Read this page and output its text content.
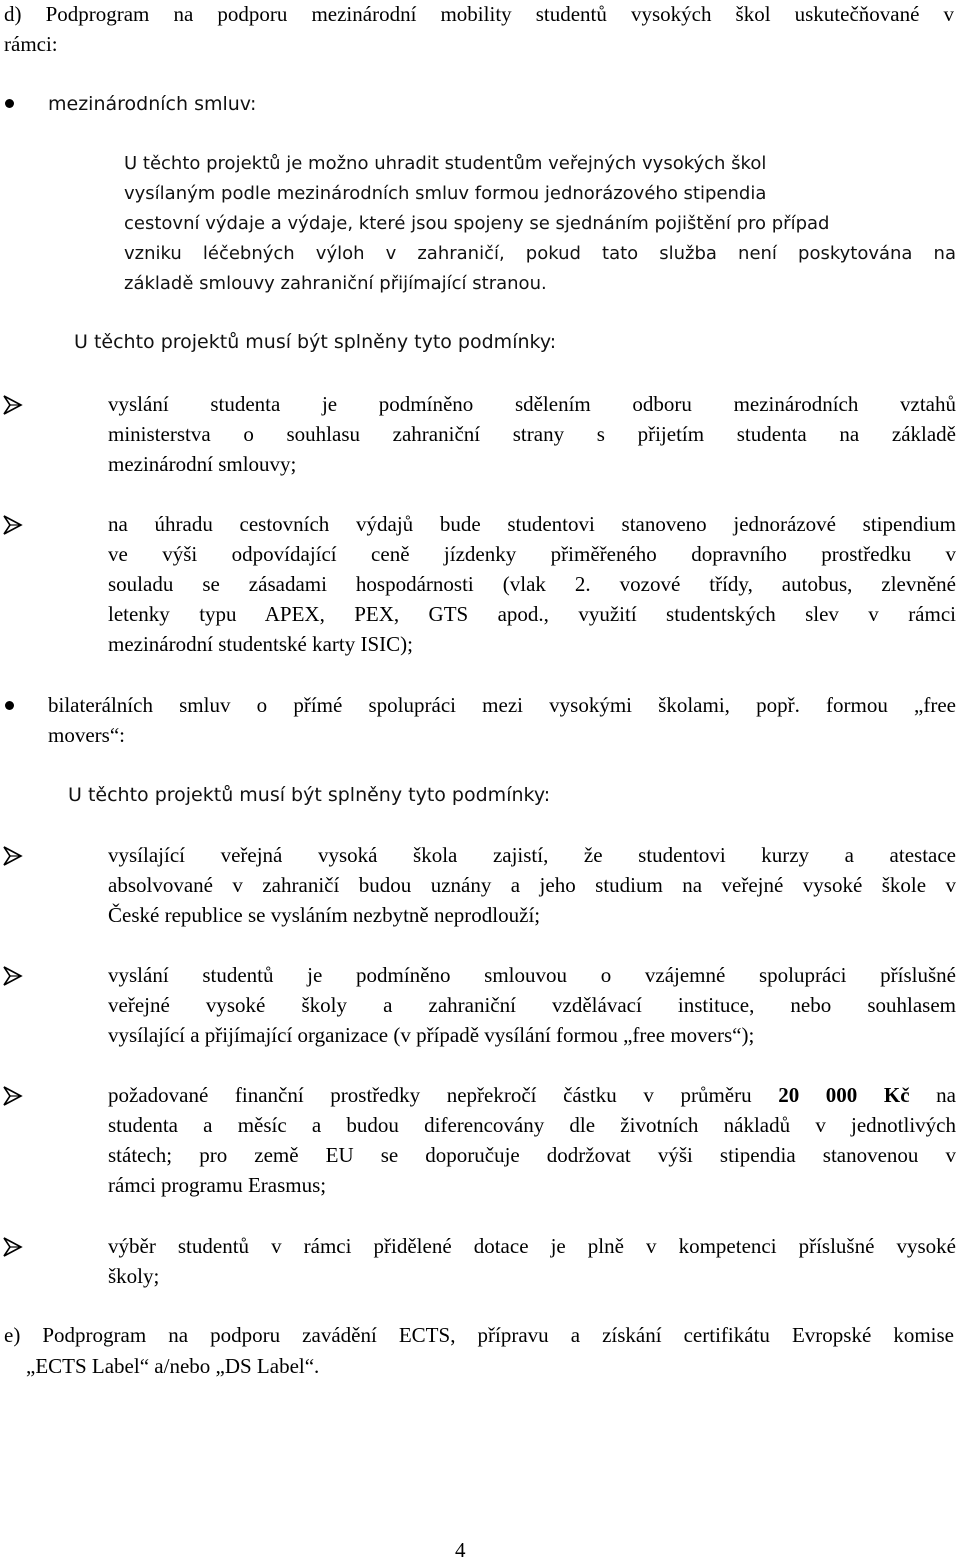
d) Podprogram na podporu mezinárodní mobility studentů vysokých škol uskutečňované v
rámci:
mezinárodních smluv:
U těchto projektů je možno uhradit studentům veřejných vysokých škol
vysílaným podle mezinárodních smluv formou jednorázového stipendia
cestovní výdaje a výdaje, které jsou spojeny se sjednáním pojištění pro případ
vzniku léčebných výloh v zahraničí, pokud tato služba není poskytována na
základě smlouvy zahraniční přijímající stranou.
U těchto projektů musí být splněny tyto podmínky:
vyslání studenta je podmíněno sdělením odboru mezinárodních vztahů
ministerstva o souhlasu zahraniční strany s přijetím studenta na základě
mezinárodní smlouvy;
na úhradu cestovních výdajů bude studentovi stanoveno jednorázové stipendium
ve výši odpovídající ceně jízdenky přiměřeného dopravního prostředku v
souladu se zásadami hospodárnosti (vlak 2. vozové třídy, autobus, zlevněné
letenky typu APEX, PEX, GTS apod., využití studentských slev v rámci
mezinárodní studentské karty ISIC);
bilaterálních smluv o přímé spolupráci mezi vysokými školami, popř. formou „free
movers“:
U těchto projektů musí být splněny tyto podmínky:
vysílající veřejná vysoká škola zajistí, že studentovi kurzy a atestace
absolvované v zahraničí budou uznány a jeho studium na veřejné vysoké škole v
České republice se vysláním nezbytně neprodlouží;
vyslání studentů je podmíněno smlouvou o vzájemné spolupráci příslušné
veřejné vysoké školy a zahraniční vzdělávací instituce, nebo souhlasem
vysílající a přijímající organizace (v případě vysílání formou „free movers“);
požadované finanční prostředky nepřekročí částku v průměru 20 000 Kč na
studenta a měsíc a budou diferencovány dle životních nákladů v jednotlivých
státech; pro země EU se doporučuje dodržovat výši stipendia stanovenou v
rámci programu Erasmus;
výběr studentů v rámci přidělené dotace je plně v kompetenci příslušné vysoké
školy;
e) Podprogram na podporu zavádění ECTS, přípravu a získání certifikátu Evropské komise
„ECTS Label“ a/nebo „DS Label“.
4
